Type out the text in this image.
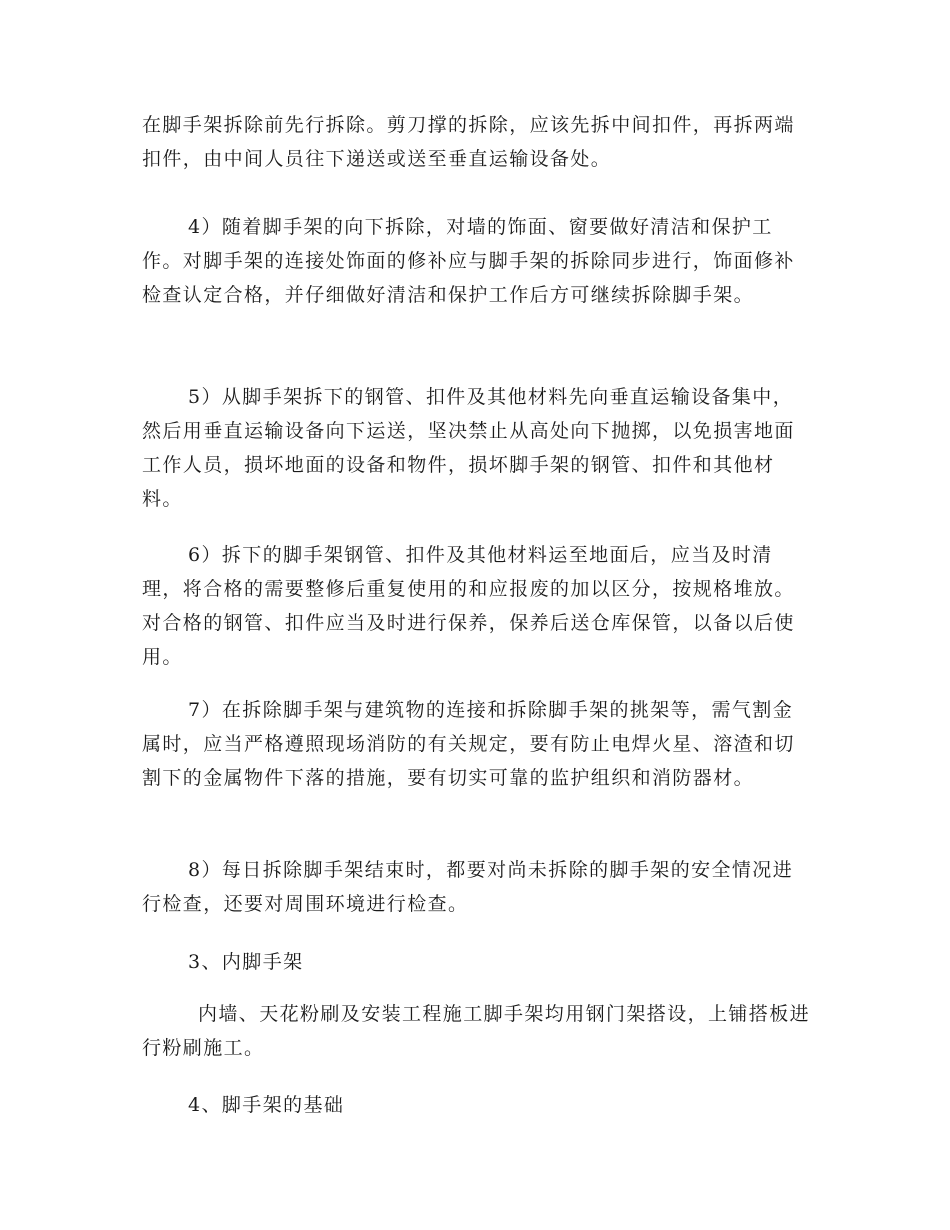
在脚手架拆除前先行拆除。剪刀撑的拆除，应该先拆中间扣件，再拆两端扣件，由中间人员往下递送或送至垂直运输设备处。

4）随着脚手架的向下拆除，对墙的饰面、窗要做好清洁和保护工作。对脚手架的连接处饰面的修补应与脚手架的拆除同步进行，饰面修补检查认定合格，并仔细做好清洁和保护工作后方可继续拆除脚手架。

5）从脚手架拆下的钢管、扣件及其他材料先向垂直运输设备集中，然后用垂直运输设备向下运送，坚决禁止从高处向下抛掷，以免损害地面工作人员，损坏地面的设备和物件，损坏脚手架的钢管、扣件和其他材料。

6）拆下的脚手架钢管、扣件及其他材料运至地面后，应当及时清理，将合格的需要整修后重复使用的和应报废的加以区分，按规格堆放。对合格的钢管、扣件应当及时进行保养，保养后送仓库保管，以备以后使用。

7）在拆除脚手架与建筑物的连接和拆除脚手架的挑架等，需气割金属时，应当严格遵照现场消防的有关规定，要有防止电焊火星、溶渣和切割下的金属物件下落的措施，要有切实可靠的监护组织和消防器材。

8）每日拆除脚手架结束时，都要对尚未拆除的脚手架的安全情况进行检查，还要对周围环境进行检查。

3、内脚手架

内墙、天花粉刷及安装工程施工脚手架均用钢门架搭设，上铺搭板进行粉刷施工。

4、脚手架的基础
